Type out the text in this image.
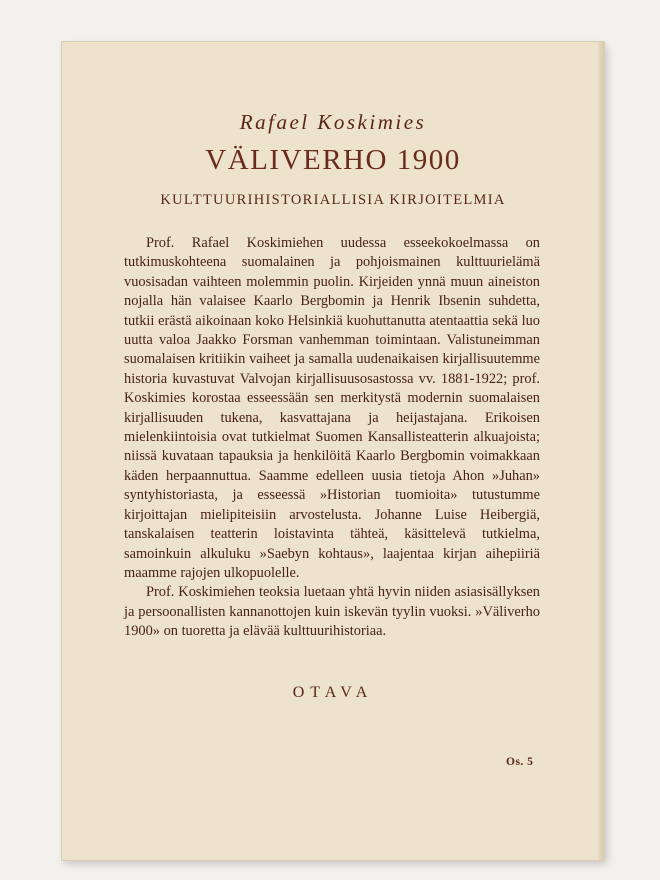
Rafael Koskimies
VÄLIVERHO 1900
KULTTUURIHISTORIALLISIA KIRJOITELMIA

Prof. Rafael Koskimiehen uudessa esseekokoelmassa on tutkimuskohteena suomalainen ja pohjoismainen kulttuurielämä vuosisadan vaihteen molemmin puolin. Kirjeiden ynnä muun aineiston nojalla hän valaisee Kaarlo Bergbomin ja Henrik Ibsenin suhdetta, tutkii erästä aikoinaan koko Helsinkiä kuohuttanutta atentaattia sekä luo uutta valoa Jaakko Forsman vanhemman toimintaan. Valistuneimman suomalaisen kritiikin vaiheet ja samalla uudenaikaisen kirjallisuutemme historia kuvastuvat Valvojan kirjallisuusosastossa vv. 1881-1922; prof. Koskimies korostaa esseessään sen merkitystä modernin suomalaisen kirjallisuuden tukena, kasvattajana ja heijastajana. Erikoisen mielenkiintoisia ovat tutkielmat Suomen Kansallisteatterin alkuajoista; niissä kuvataan tapauksia ja henkilöitä Kaarlo Bergbomin voimakkaan käden herpaannuttua. Saamme edelleen uusia tietoja Ahon »Juhan» syntyhistoriasta, ja esseessä »Historian tuomioita» tutustumme kirjoittajan mielipiteisiin arvostelusta. Johanne Luise Heibergiä, tanskalaisen teatterin loistavinta tähteä, käsittelevä tutkielma, samoinkuin alkuluku »Saebyn kohtaus», laajentaa kirjan aihepiiriä maamme rajojen ulkopuolelle.

Prof. Koskimiehen teoksia luetaan yhtä hyvin niiden asiasisällyksen ja persoonallisten kannanottojen kuin iskevän tyylin vuoksi. »Väliverho 1900» on tuoretta ja elävää kulttuurihistoriaa.

OTAVA
Os. 5
